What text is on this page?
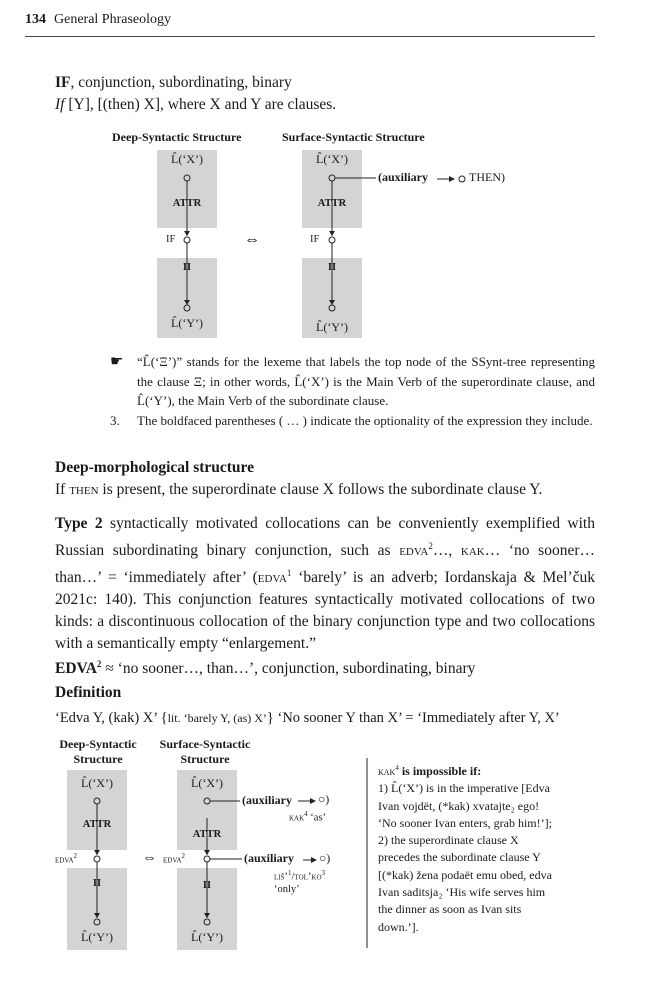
134 General Phraseology
IF, conjunction, subordinating, binary
If [Y], [(then) X], where X and Y are clauses.
Deep-Syntactic Structure	Surface-Syntactic Structure
L̂(‘X’)
ATTR
IF
II
L̂(‘Y’)
⇔
L̂(‘X’)
ATTR
IF
II
L̂(‘Y’)
(auxiliary	THEN)
☛ “L̂(‘Ξ’)” stands for the lexeme that labels the top node of the SSynt-tree representing the clause Ξ; in other words, L̂(‘X’) is the Main Verb of the superordinate clause, and L̂(‘Y’), the Main Verb of the subordinate clause.
3. The boldfaced parentheses ( … ) indicate the optionality of the expression they include.
Deep-morphological structure
If then is present, the superordinate clause X follows the subordinate clause Y.
Type 2 syntactically motivated collocations can be conveniently exemplified with Russian subordinating binary conjunction, such as edva$^2$…, kak… ‘no sooner… than…’ = ‘immediately after’ (edva$^1$ ‘barely’ is an adverb; Iordanskaja & Mel’čuk 2021c: 140). This conjunction features syntactically motivated collocations of two kinds: a discontinuous collocation of the binary conjunction type and two collocations with a semantically empty “enlargement.”
$EDVA^2$ ≈ ‘no sooner…, than…’, conjunction, subordinating, binary
Definition
‘Edva Y, (kak) X’ {lit. ‘barely Y, (as) X’} ‘No sooner Y than X’ = ‘Immediately after Y, X’
Deep-Syntactic
Structure
Surface-Syntactic
Structure
L̂(‘X’)
ATTR
edva$^2$
II
L̂(‘Y’)
⇔
L̂(‘X’)
ATTR
edva$^2$
II
L̂(‘Y’)
(auxiliary ○)
kak$^4$ ‘as’
(auxiliary ○)
$liš’^1/tol’ko^3$
‘only’
kak$^4$ is impossible if:
1) L̂(‘X’) is in the imperative [Edva Ivan vojdët, (*kak) xvatajte₂ ego! ‘No sooner Ivan enters, grab him!’];
2) the superordinate clause X precedes the subordinate clause Y [(*kak) žena podaët emu obed, edva Ivan saditsja₂ ‘His wife serves him the dinner as soon as Ivan sits down.’].
